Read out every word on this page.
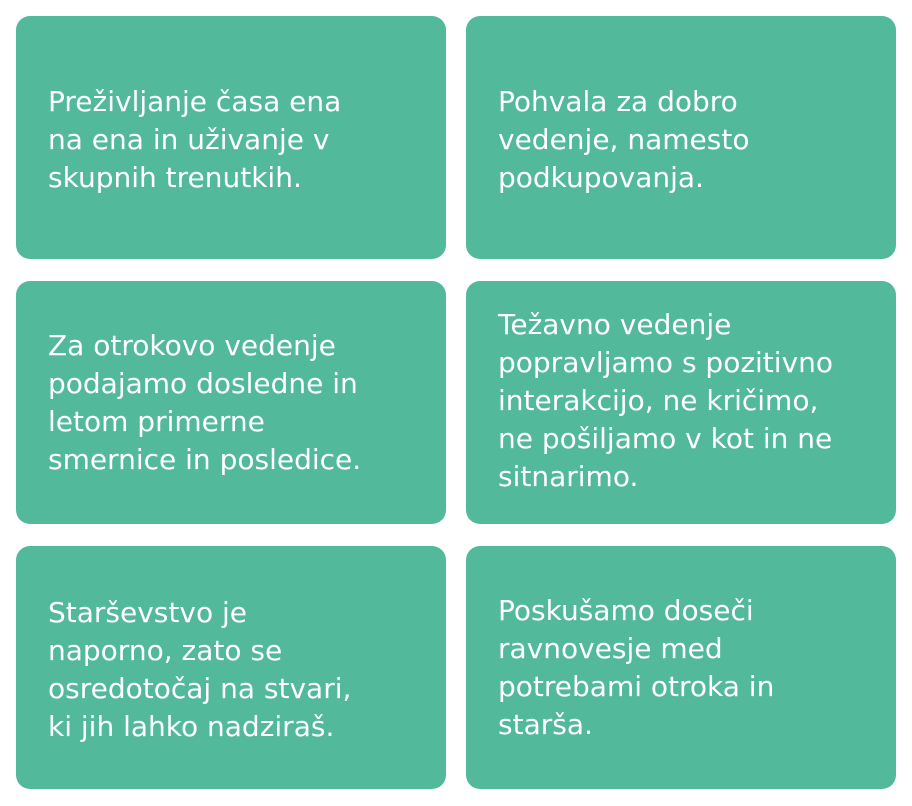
Preživljanje časa ena
na ena in uživanje v
skupnih trenutkih.

Pohvala za dobro
vedenje, namesto
podkupovanja.

Za otrokovo vedenje
podajamo dosledne in
letom primerne
smernice in posledice.

Težavno vedenje
popravljamo s pozitivno
interakcijo, ne kričimo,
ne pošiljamo v kot in ne
sitnarimo.

Starševstvo je
naporno, zato se
osredotočaj na stvari,
ki jih lahko nadziraš.

Poskušamo doseči
ravnovesje med
potrebami otroka in
starša.
